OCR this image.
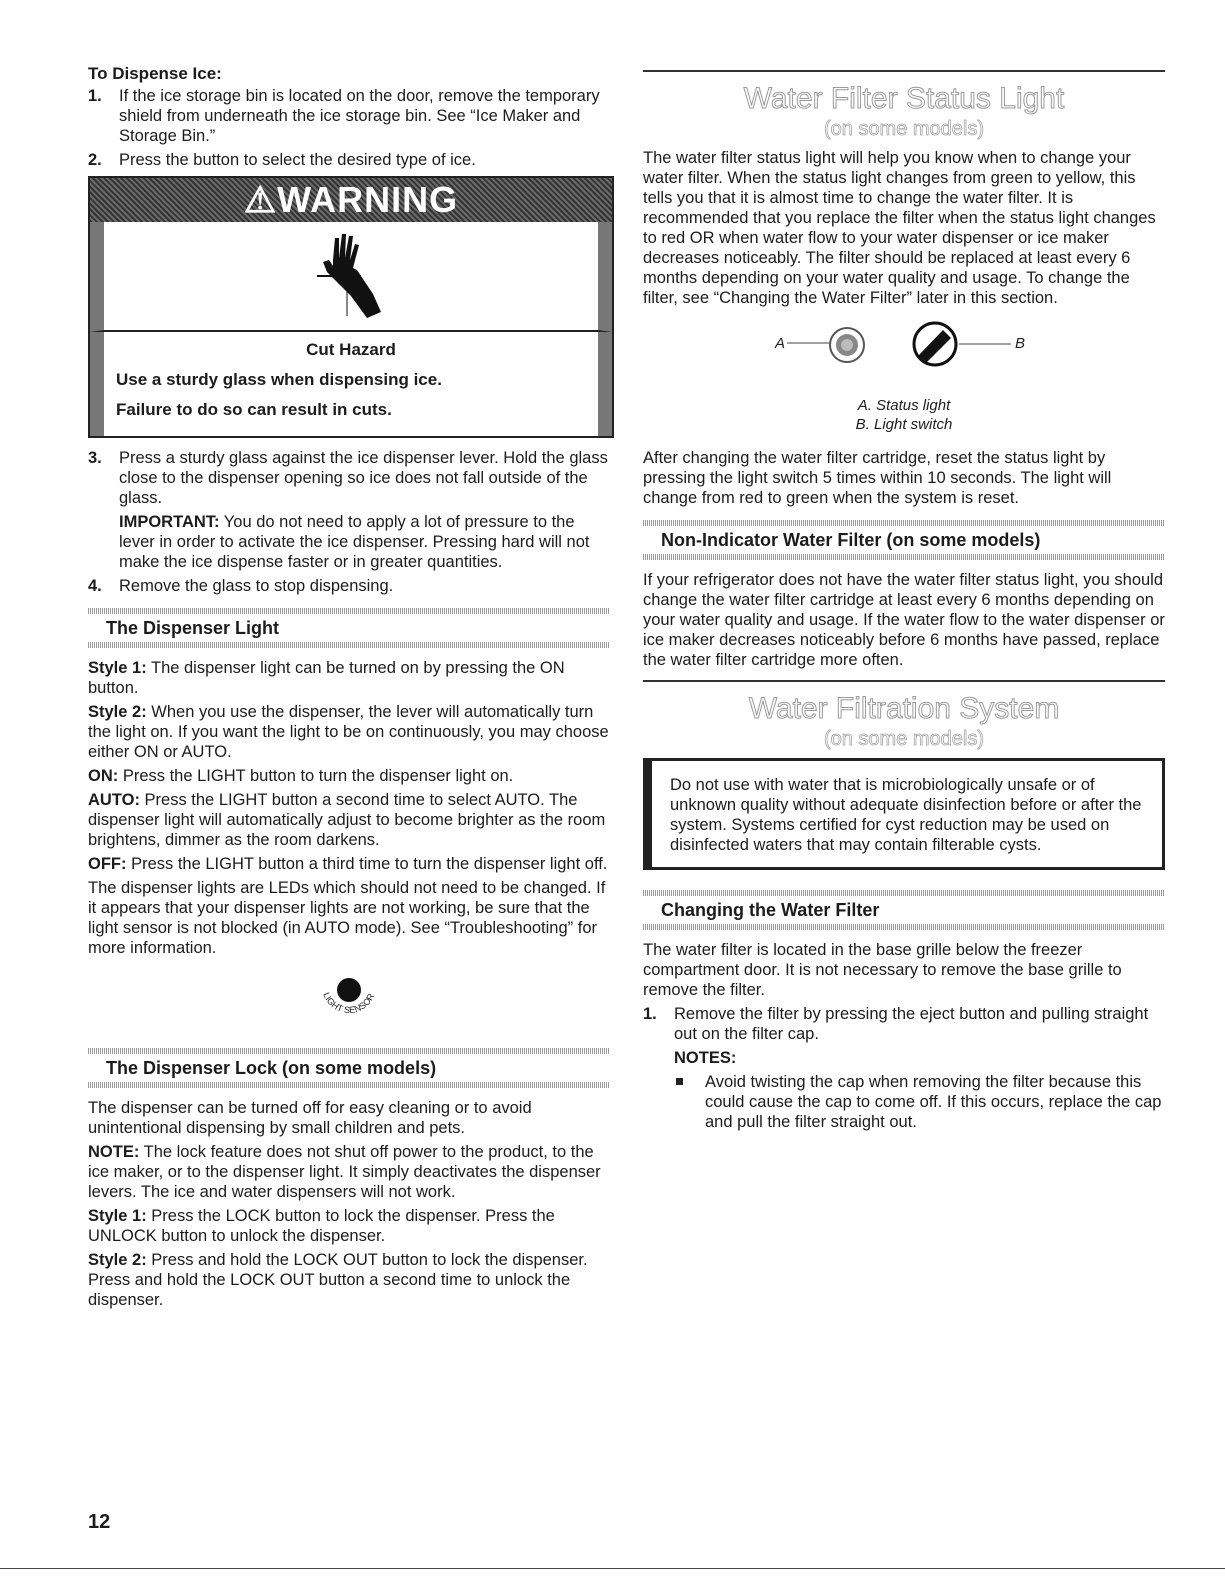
To Dispense Ice:

1. If the ice storage bin is located on the door, remove the temporary shield from underneath the ice storage bin. See “Ice Maker and Storage Bin.”
2. Press the button to select the desired type of ice.
⚠WARNING

Cut Hazard

Use a sturdy glass when dispensing ice.

Failure to do so can result in cuts.

3. Press a sturdy glass against the ice dispenser lever. Hold the glass close to the dispenser opening so ice does not fall outside of the glass.
IMPORTANT: You do not need to apply a lot of pressure to the lever in order to activate the ice dispenser. Pressing hard will not make the ice dispense faster or in greater quantities.
4. Remove the glass to stop dispensing.
The Dispenser Light

Style 1: The dispenser light can be turned on by pressing the ON button.

Style 2: When you use the dispenser, the lever will automatically turn the light on. If you want the light to be on continuously, you may choose either ON or AUTO.

ON: Press the LIGHT button to turn the dispenser light on.

AUTO: Press the LIGHT button a second time to select AUTO. The dispenser light will automatically adjust to become brighter as the room brightens, dimmer as the room darkens.

OFF: Press the LIGHT button a third time to turn the dispenser light off.

The dispenser lights are LEDs which should not need to be changed. If it appears that your dispenser lights are not working, be sure that the light sensor is not blocked (in AUTO mode). See “Troubleshooting” for more information.

LIGHT SENSOR
The Dispenser Lock (on some models)

The dispenser can be turned off for easy cleaning or to avoid unintentional dispensing by small children and pets.

NOTE: The lock feature does not shut off power to the product, to the ice maker, or to the dispenser light. It simply deactivates the dispenser levers. The ice and water dispensers will not work.

Style 1: Press the LOCK button to lock the dispenser. Press the UNLOCK button to unlock the dispenser.

Style 2: Press and hold the LOCK OUT button to lock the dispenser. Press and hold the LOCK OUT button a second time to unlock the dispenser.

Water Filter Status Light
(on some models)

The water filter status light will help you know when to change your water filter. When the status light changes from green to yellow, this tells you that it is almost time to change the water filter. It is recommended that you replace the filter when the status light changes to red OR when water flow to your water dispenser or ice maker decreases noticeably. The filter should be replaced at least every 6 months depending on your water quality and usage. To change the filter, see “Changing the Water Filter” later in this section.

A	B
A. Status light
B. Light switch

After changing the water filter cartridge, reset the status light by pressing the light switch 5 times within 10 seconds. The light will change from red to green when the system is reset.

Non-Indicator Water Filter (on some models)

If your refrigerator does not have the water filter status light, you should change the water filter cartridge at least every 6 months depending on your water quality and usage. If the water flow to the water dispenser or ice maker decreases noticeably before 6 months have passed, replace the water filter cartridge more often.

Water Filtration System
(on some models)

Do not use with water that is microbiologically unsafe or of unknown quality without adequate disinfection before or after the system. Systems certified for cyst reduction may be used on disinfected waters that may contain filterable cysts.

Changing the Water Filter

The water filter is located in the base grille below the freezer compartment door. It is not necessary to remove the base grille to remove the filter.

1. Remove the filter by pressing the eject button and pulling straight out on the filter cap.
NOTES:
Avoid twisting the cap when removing the filter because this could cause the cap to come off. If this occurs, replace the cap and pull the filter straight out.
12
